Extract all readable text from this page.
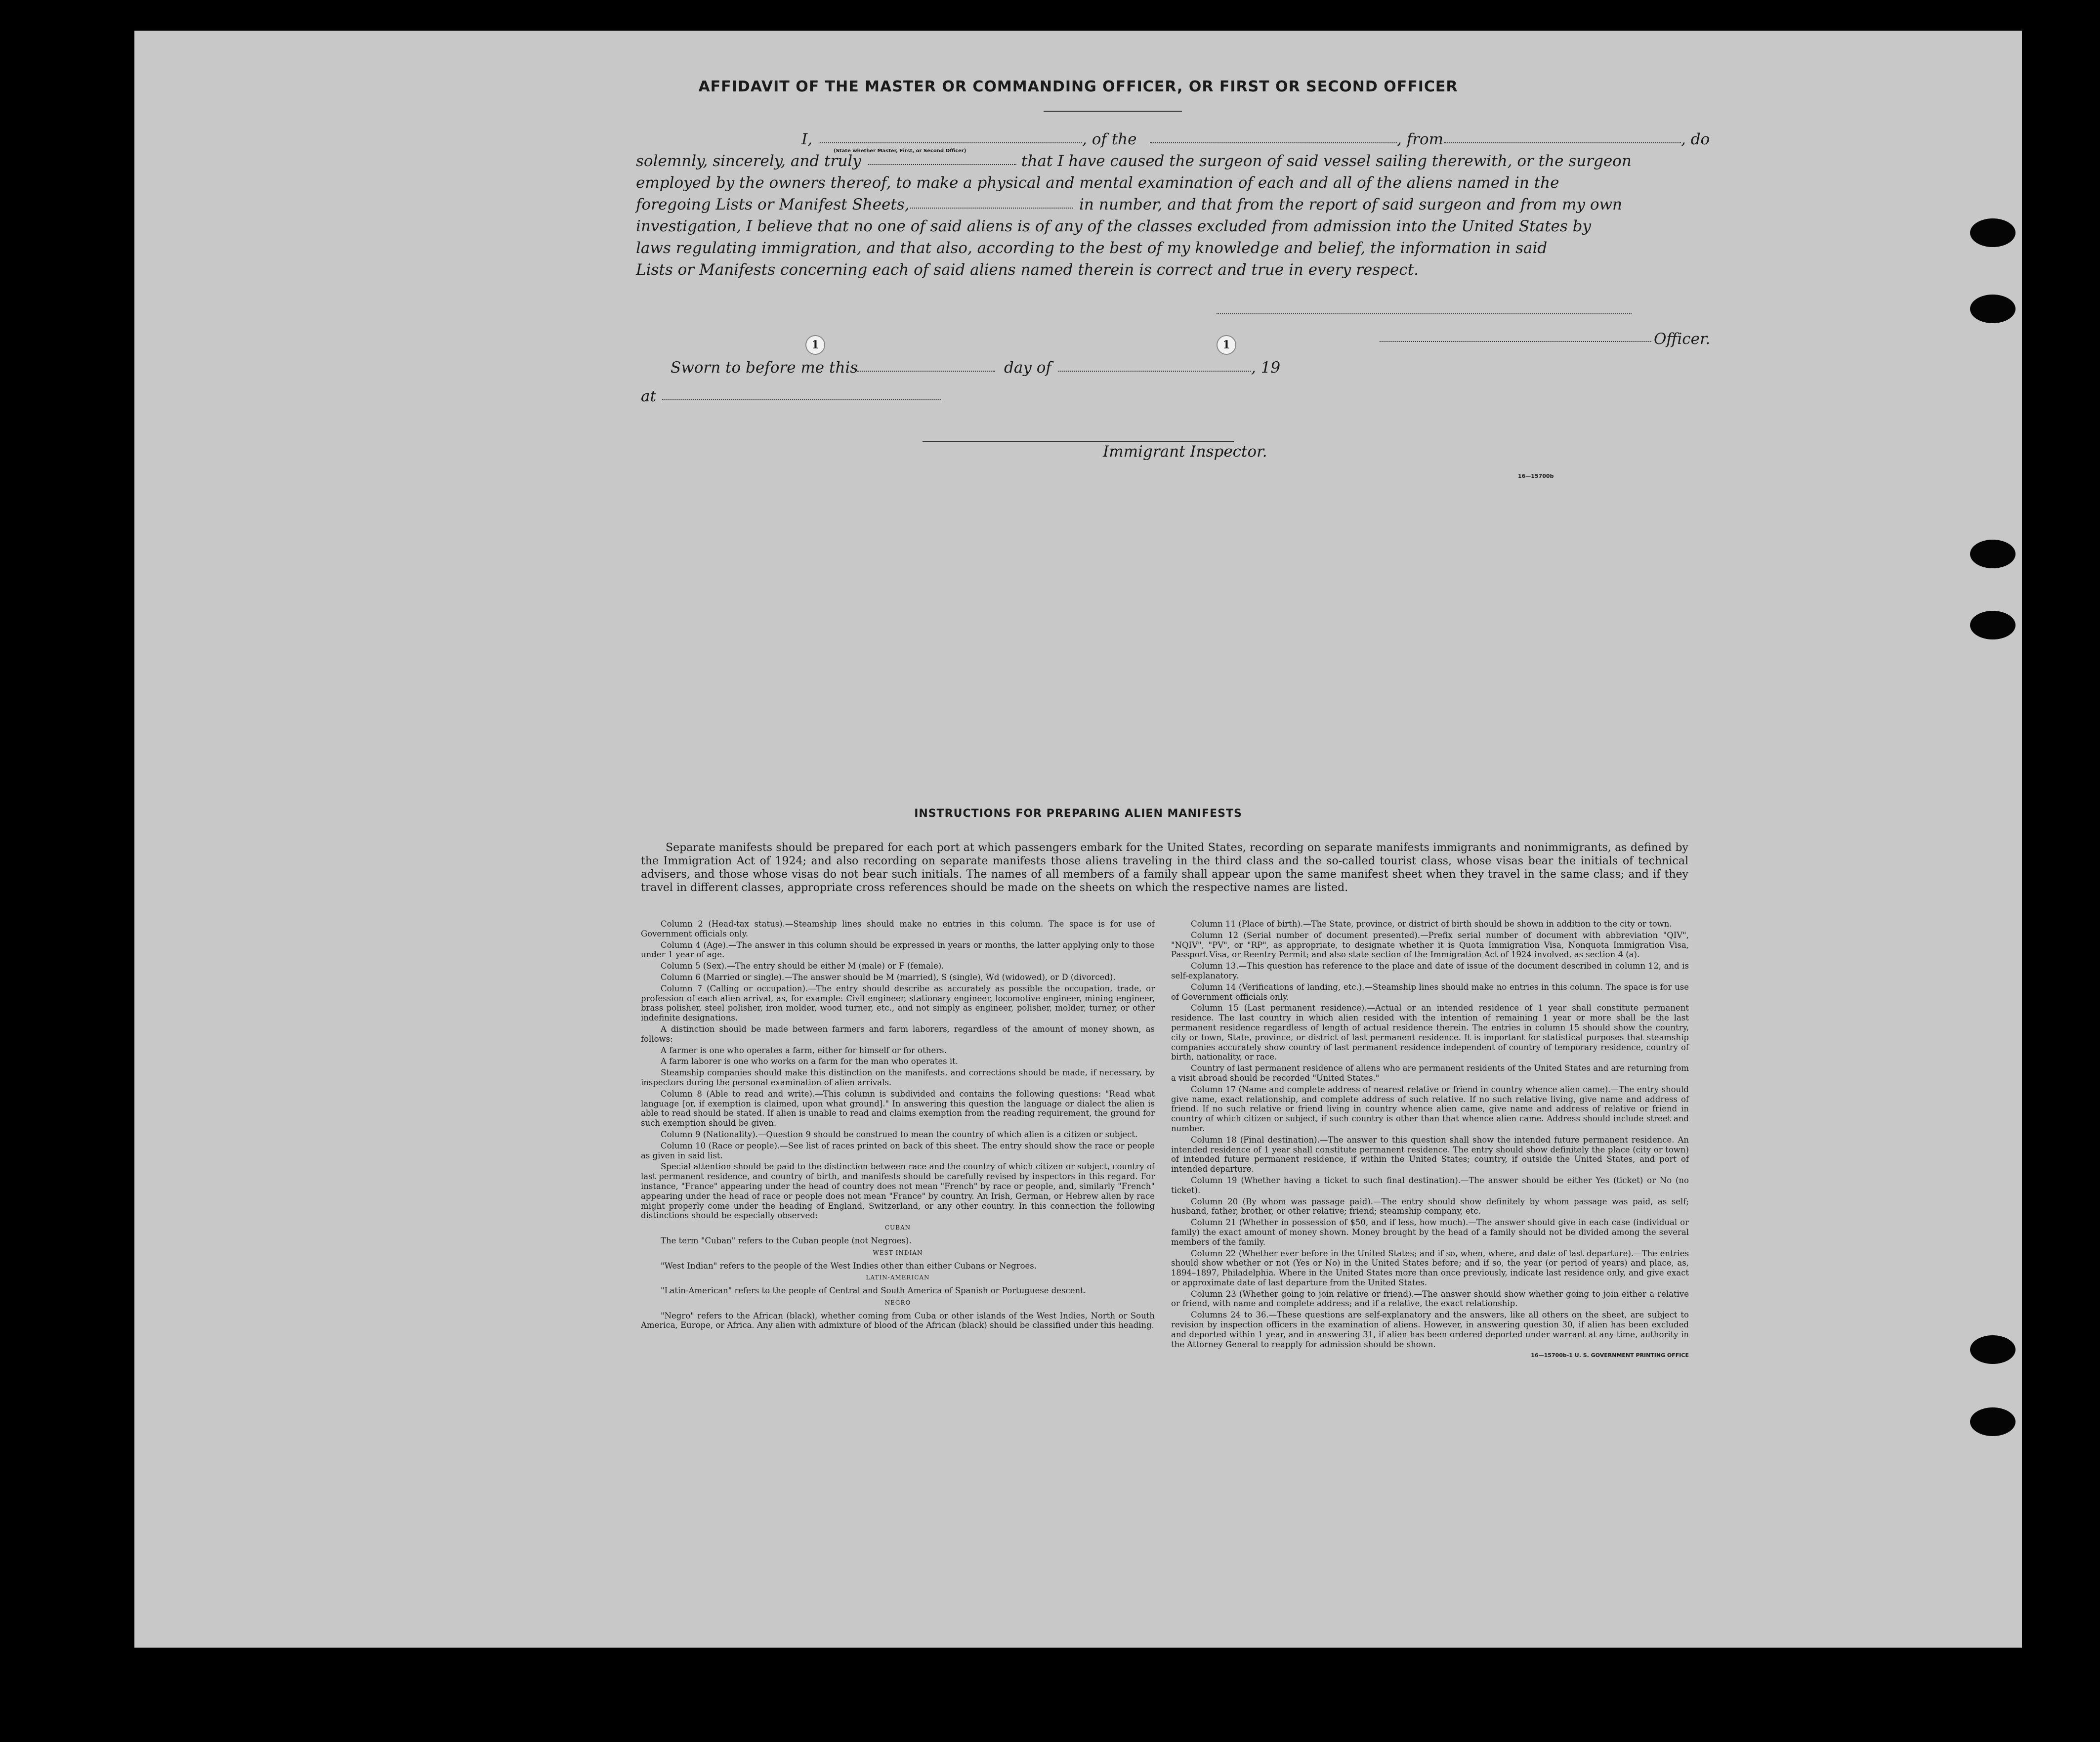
AFFIDAVIT OF THE MASTER OR COMMANDING OFFICER, OR FIRST OR SECOND OFFICER
I,
(State whether Master, First, or Second Officer)
, of the	, from	, do
solemnly, sincerely, and truly	that I have caused the surgeon of said vessel sailing therewith, or the surgeon
employed by the owners thereof, to make a physical and mental examination of each and all of the aliens named in the
foregoing Lists or Manifest Sheets,	in number, and that from the report of said surgeon and from my own
investigation, I believe that no one of said aliens is of any of the classes excluded from admission into the United States by
laws regulating immigration, and that also, according to the best of my knowledge and belief, the information in said
Lists or Manifests concerning each of said aliens named therein is correct and true in every respect.
Officer.
1	1
Sworn to before me this	day of	, 19
at
Immigrant Inspector.
16—15700b
INSTRUCTIONS FOR PREPARING ALIEN MANIFESTS
Separate manifests should be prepared for each port at which passengers embark for the United States, recording on separate manifests immigrants and nonimmigrants, as defined by the Immigration Act of 1924; and also recording on separate manifests those aliens traveling in the third class and the so-called tourist class, whose visas bear the initials of technical advisers, and those whose visas do not bear such initials. The names of all members of a family shall appear upon the same manifest sheet when they travel in the same class; and if they travel in different classes, appropriate cross references should be made on the sheets on which the respective names are listed.

Column 2 (Head-tax status).—Steamship lines should make no entries in this column. The space is for use of Government officials only.

Column 4 (Age).—The answer in this column should be expressed in years or months, the latter applying only to those under 1 year of age.

Column 5 (Sex).—The entry should be either M (male) or F (female).

Column 6 (Married or single).—The answer should be M (married), S (single), Wd (widowed), or D (divorced).

Column 7 (Calling or occupation).—The entry should describe as accurately as possible the occupation, trade, or profession of each alien arrival, as, for example: Civil engineer, stationary engineer, locomotive engineer, mining engineer, brass polisher, steel polisher, iron molder, wood turner, etc., and not simply as engineer, polisher, molder, turner, or other indefinite designations.

A distinction should be made between farmers and farm laborers, regardless of the amount of money shown, as follows:

A farmer is one who operates a farm, either for himself or for others.

A farm laborer is one who works on a farm for the man who operates it.

Steamship companies should make this distinction on the manifests, and corrections should be made, if necessary, by inspectors during the personal examination of alien arrivals.

Column 8 (Able to read and write).—This column is subdivided and contains the following questions: "Read what language [or, if exemption is claimed, upon what ground]." In answering this question the language or dialect the alien is able to read should be stated. If alien is unable to read and claims exemption from the reading requirement, the ground for such exemption should be given.

Column 9 (Nationality).—Question 9 should be construed to mean the country of which alien is a citizen or subject.

Column 10 (Race or people).—See list of races printed on back of this sheet. The entry should show the race or people as given in said list.

Special attention should be paid to the distinction between race and the country of which citizen or subject, country of last permanent residence, and country of birth, and manifests should be carefully revised by inspectors in this regard. For instance, "France" appearing under the head of country does not mean "French" by race or people, and, similarly "French" appearing under the head of race or people does not mean "France" by country. An Irish, German, or Hebrew alien by race might properly come under the heading of England, Switzerland, or any other country. In this connection the following distinctions should be especially observed:

CUBAN

The term "Cuban" refers to the Cuban people (not Negroes).

WEST INDIAN

"West Indian" refers to the people of the West Indies other than either Cubans or Negroes.

LATIN-AMERICAN

"Latin-American" refers to the people of Central and South America of Spanish or Portuguese descent.

NEGRO

"Negro" refers to the African (black), whether coming from Cuba or other islands of the West Indies, North or South America, Europe, or Africa. Any alien with admixture of blood of the African (black) should be classified under this heading.

Column 11 (Place of birth).—The State, province, or district of birth should be shown in addition to the city or town.

Column 12 (Serial number of document presented).—Prefix serial number of document with abbreviation "QIV", "NQIV", "PV", or "RP", as appropriate, to designate whether it is Quota Immigration Visa, Nonquota Immigration Visa, Passport Visa, or Reentry Permit; and also state section of the Immigration Act of 1924 involved, as section 4 (a).

Column 13.—This question has reference to the place and date of issue of the document described in column 12, and is self-explanatory.

Column 14 (Verifications of landing, etc.).—Steamship lines should make no entries in this column. The space is for use of Government officials only.

Column 15 (Last permanent residence).—Actual or an intended residence of 1 year shall constitute permanent residence. The last country in which alien resided with the intention of remaining 1 year or more shall be the last permanent residence regardless of length of actual residence therein. The entries in column 15 should show the country, city or town, State, province, or district of last permanent residence. It is important for statistical purposes that steamship companies accurately show country of last permanent residence independent of country of temporary residence, country of birth, nationality, or race.

Country of last permanent residence of aliens who are permanent residents of the United States and are returning from a visit abroad should be recorded "United States."

Column 17 (Name and complete address of nearest relative or friend in country whence alien came).—The entry should give name, exact relationship, and complete address of such relative. If no such relative living, give name and address of friend. If no such relative or friend living in country whence alien came, give name and address of relative or friend in country of which citizen or subject, if such country is other than that whence alien came. Address should include street and number.

Column 18 (Final destination).—The answer to this question shall show the intended future permanent residence. An intended residence of 1 year shall constitute permanent residence. The entry should show definitely the place (city or town) of intended future permanent residence, if within the United States; country, if outside the United States, and port of intended departure.

Column 19 (Whether having a ticket to such final destination).—The answer should be either Yes (ticket) or No (no ticket).

Column 20 (By whom was passage paid).—The entry should show definitely by whom passage was paid, as self; husband, father, brother, or other relative; friend; steamship company, etc.

Column 21 (Whether in possession of $50, and if less, how much).—The answer should give in each case (individual or family) the exact amount of money shown. Money brought by the head of a family should not be divided among the several members of the family.

Column 22 (Whether ever before in the United States; and if so, when, where, and date of last departure).—The entries should show whether or not (Yes or No) in the United States before; and if so, the year (or period of years) and place, as, 1894–1897, Philadelphia. Where in the United States more than once previously, indicate last residence only, and give exact or approximate date of last departure from the United States.

Column 23 (Whether going to join relative or friend).—The answer should show whether going to join either a relative or friend, with name and complete address; and if a relative, the exact relationship.

Columns 24 to 36.—These questions are self-explanatory and the answers, like all others on the sheet, are subject to revision by inspection officers in the examination of aliens. However, in answering question 30, if alien has been excluded and deported within 1 year, and in answering 31, if alien has been ordered deported under warrant at any time, authority in the Attorney General to reapply for admission should be shown.

16—15700b-1 U. S. GOVERNMENT PRINTING OFFICE
